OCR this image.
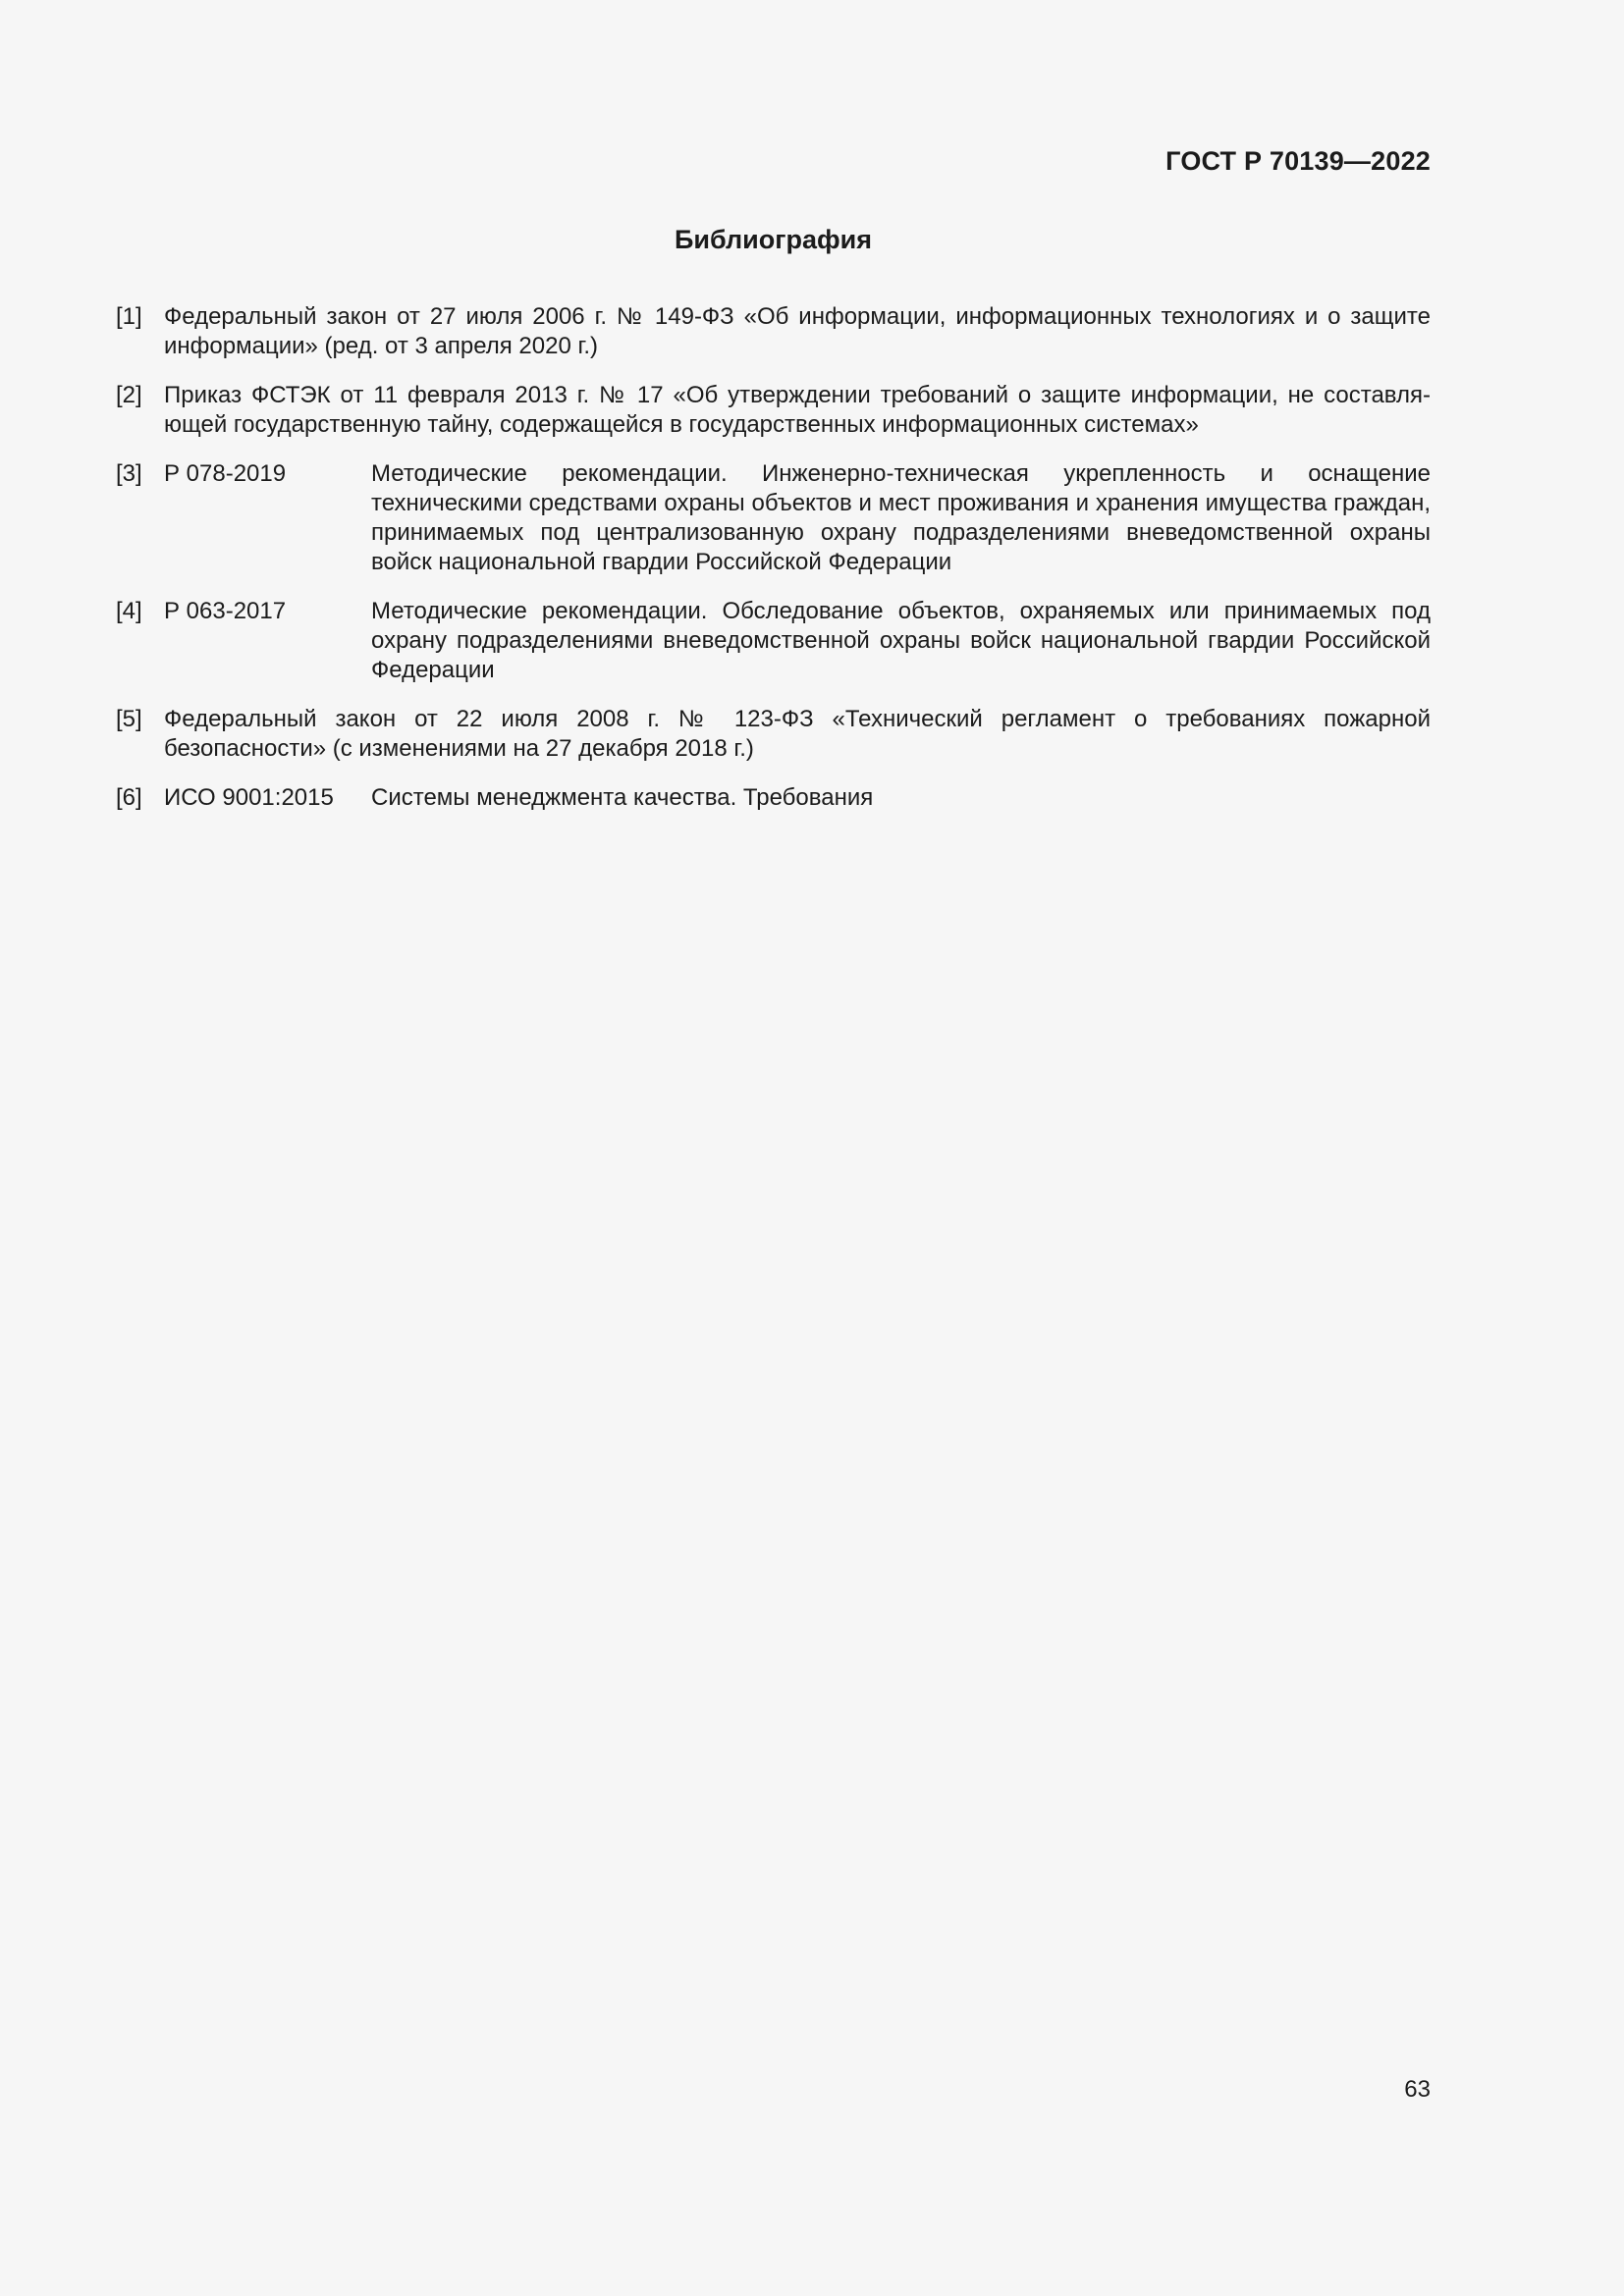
ГОСТ Р 70139—2022
Библиография
[1] Федеральный закон от 27 июля 2006 г. № 149-ФЗ «Об информации, информационных технологиях и о защите информации» (ред. от 3 апреля 2020 г.)
[2] Приказ ФСТЭК от 11 февраля 2013 г. № 17 «Об утверждении требований о защите информации, не составля-ющей государственную тайну, содержащейся в государственных информационных системах»
[3] Р 078-2019	Методические рекомендации. Инженерно-техническая укрепленность и оснащение техническими средствами охраны объектов и мест проживания и хранения имущества граждан, принимаемых под централизованную охрану подразделениями вневедомственной охраны войск национальной гвардии Российской Федерации
[4] Р 063-2017	Методические рекомендации. Обследование объектов, охраняемых или принимаемых под охрану подразделениями вневедомственной охраны войск национальной гвардии Российской Федерации
[5] Федеральный закон от 22 июля 2008 г. № 123-ФЗ «Технический регламент о требованиях пожарной безопасности» (с изменениями на 27 декабря 2018 г.)
[6] ИСО 9001:2015	Системы менеджмента качества. Требования
63
